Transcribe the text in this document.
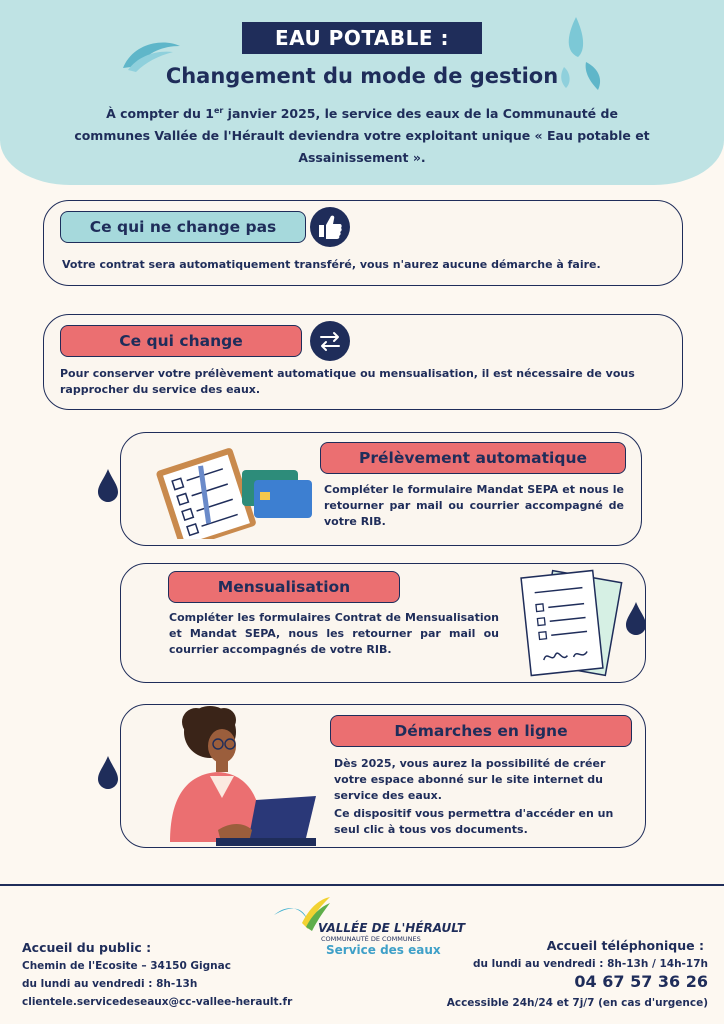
EAU POTABLE :
Changement du mode de gestion
À compter du 1er janvier 2025, le service des eaux de la Communauté de communes Vallée de l'Hérault deviendra votre exploitant unique « Eau potable et Assainissement ».
Ce qui ne change pas
Votre contrat sera automatiquement transféré, vous n'aurez aucune démarche à faire.
Ce qui change
Pour conserver votre prélèvement automatique ou mensualisation, il est nécessaire de vous rapprocher du service des eaux.
Prélèvement automatique
Compléter le formulaire Mandat SEPA et nous le retourner par mail ou courrier accompagné de votre RIB.
Mensualisation
Compléter les formulaires Contrat de Mensualisation et Mandat SEPA, nous les retourner par mail ou courrier accompagnés de votre RIB.
Démarches en ligne
Dès 2025, vous aurez la possibilité de créer votre espace abonné sur le site internet du service des eaux.
Ce dispositif vous permettra d'accéder en un seul clic à tous vos documents.
VALLÉE DE L'HÉRAULT
COMMUNAUTÉ DE COMMUNES
Service des eaux
Accueil du public :
Chemin de l'Ecosite – 34150 Gignac
du lundi au vendredi : 8h-13h
clientele.servicedeseaux@cc-vallee-herault.fr
Accueil téléphonique :
du lundi au vendredi : 8h-13h / 14h-17h
04 67 57 36 26
Accessible 24h/24 et 7j/7 (en cas d'urgence)
